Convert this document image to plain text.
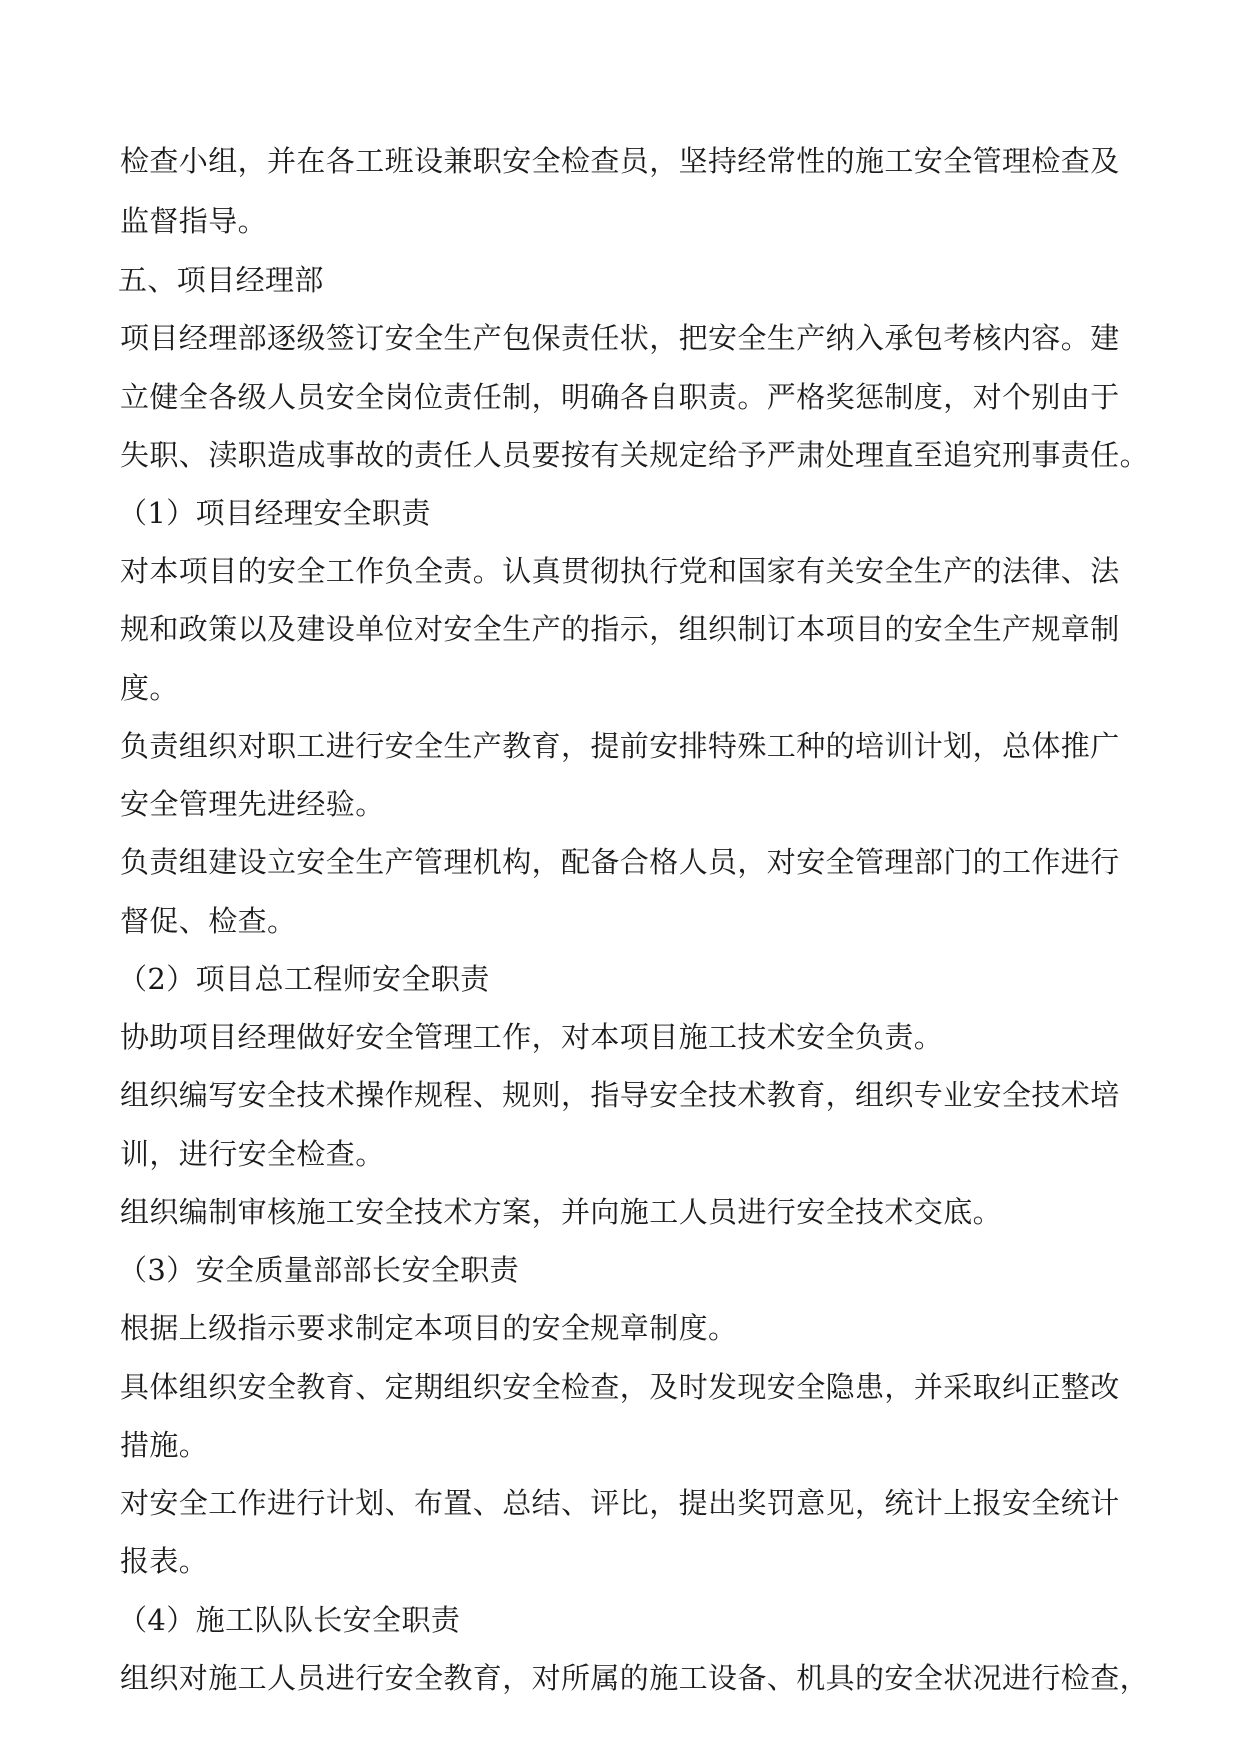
检查小组，并在各工班设兼职安全检查员，坚持经常性的施工安全管理检查及
监督指导。
五、项目经理部
项目经理部逐级签订安全生产包保责任状，把安全生产纳入承包考核内容。建
立健全各级人员安全岗位责任制，明确各自职责。严格奖惩制度，对个别由于
失职、渎职造成事故的责任人员要按有关规定给予严肃处理直至追究刑事责任。
（1）项目经理安全职责
对本项目的安全工作负全责。认真贯彻执行党和国家有关安全生产的法律、法
规和政策以及建设单位对安全生产的指示，组织制订本项目的安全生产规章制
度。
负责组织对职工进行安全生产教育，提前安排特殊工种的培训计划，总体推广
安全管理先进经验。
负责组建设立安全生产管理机构，配备合格人员，对安全管理部门的工作进行
督促、检查。
（2）项目总工程师安全职责
协助项目经理做好安全管理工作，对本项目施工技术安全负责。
组织编写安全技术操作规程、规则，指导安全技术教育，组织专业安全技术培
训，进行安全检查。
组织编制审核施工安全技术方案，并向施工人员进行安全技术交底。
（3）安全质量部部长安全职责
根据上级指示要求制定本项目的安全规章制度。
具体组织安全教育、定期组织安全检查，及时发现安全隐患，并采取纠正整改
措施。
对安全工作进行计划、布置、总结、评比，提出奖罚意见，统计上报安全统计
报表。
（4）施工队队长安全职责
组织对施工人员进行安全教育，对所属的施工设备、机具的安全状况进行检查，
